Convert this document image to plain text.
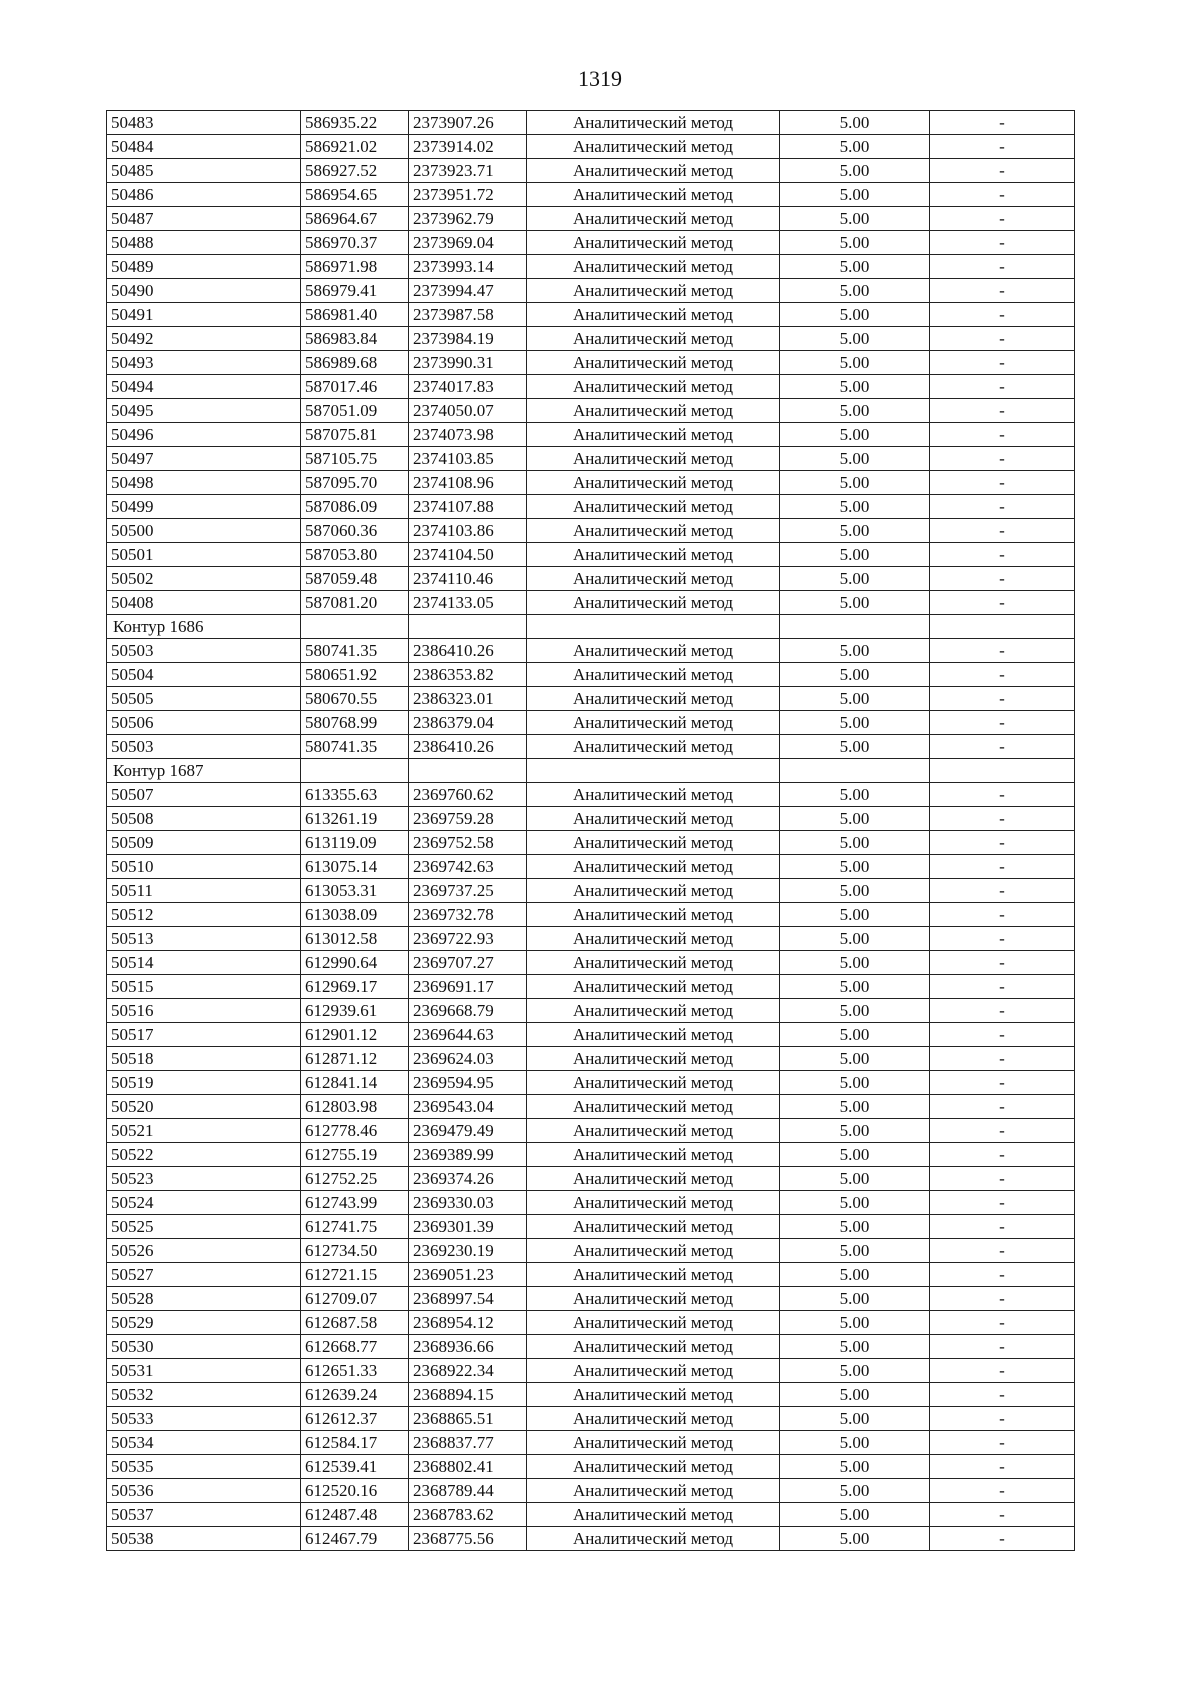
1319
50483	586935.22	2373907.26	Аналитический метод	5.00	-
50484	586921.02	2373914.02	Аналитический метод	5.00	-
50485	586927.52	2373923.71	Аналитический метод	5.00	-
50486	586954.65	2373951.72	Аналитический метод	5.00	-
50487	586964.67	2373962.79	Аналитический метод	5.00	-
50488	586970.37	2373969.04	Аналитический метод	5.00	-
50489	586971.98	2373993.14	Аналитический метод	5.00	-
50490	586979.41	2373994.47	Аналитический метод	5.00	-
50491	586981.40	2373987.58	Аналитический метод	5.00	-
50492	586983.84	2373984.19	Аналитический метод	5.00	-
50493	586989.68	2373990.31	Аналитический метод	5.00	-
50494	587017.46	2374017.83	Аналитический метод	5.00	-
50495	587051.09	2374050.07	Аналитический метод	5.00	-
50496	587075.81	2374073.98	Аналитический метод	5.00	-
50497	587105.75	2374103.85	Аналитический метод	5.00	-
50498	587095.70	2374108.96	Аналитический метод	5.00	-
50499	587086.09	2374107.88	Аналитический метод	5.00	-
50500	587060.36	2374103.86	Аналитический метод	5.00	-
50501	587053.80	2374104.50	Аналитический метод	5.00	-
50502	587059.48	2374110.46	Аналитический метод	5.00	-
50408	587081.20	2374133.05	Аналитический метод	5.00	-
Контур 1686					
50503	580741.35	2386410.26	Аналитический метод	5.00	-
50504	580651.92	2386353.82	Аналитический метод	5.00	-
50505	580670.55	2386323.01	Аналитический метод	5.00	-
50506	580768.99	2386379.04	Аналитический метод	5.00	-
50503	580741.35	2386410.26	Аналитический метод	5.00	-
Контур 1687					
50507	613355.63	2369760.62	Аналитический метод	5.00	-
50508	613261.19	2369759.28	Аналитический метод	5.00	-
50509	613119.09	2369752.58	Аналитический метод	5.00	-
50510	613075.14	2369742.63	Аналитический метод	5.00	-
50511	613053.31	2369737.25	Аналитический метод	5.00	-
50512	613038.09	2369732.78	Аналитический метод	5.00	-
50513	613012.58	2369722.93	Аналитический метод	5.00	-
50514	612990.64	2369707.27	Аналитический метод	5.00	-
50515	612969.17	2369691.17	Аналитический метод	5.00	-
50516	612939.61	2369668.79	Аналитический метод	5.00	-
50517	612901.12	2369644.63	Аналитический метод	5.00	-
50518	612871.12	2369624.03	Аналитический метод	5.00	-
50519	612841.14	2369594.95	Аналитический метод	5.00	-
50520	612803.98	2369543.04	Аналитический метод	5.00	-
50521	612778.46	2369479.49	Аналитический метод	5.00	-
50522	612755.19	2369389.99	Аналитический метод	5.00	-
50523	612752.25	2369374.26	Аналитический метод	5.00	-
50524	612743.99	2369330.03	Аналитический метод	5.00	-
50525	612741.75	2369301.39	Аналитический метод	5.00	-
50526	612734.50	2369230.19	Аналитический метод	5.00	-
50527	612721.15	2369051.23	Аналитический метод	5.00	-
50528	612709.07	2368997.54	Аналитический метод	5.00	-
50529	612687.58	2368954.12	Аналитический метод	5.00	-
50530	612668.77	2368936.66	Аналитический метод	5.00	-
50531	612651.33	2368922.34	Аналитический метод	5.00	-
50532	612639.24	2368894.15	Аналитический метод	5.00	-
50533	612612.37	2368865.51	Аналитический метод	5.00	-
50534	612584.17	2368837.77	Аналитический метод	5.00	-
50535	612539.41	2368802.41	Аналитический метод	5.00	-
50536	612520.16	2368789.44	Аналитический метод	5.00	-
50537	612487.48	2368783.62	Аналитический метод	5.00	-
50538	612467.79	2368775.56	Аналитический метод	5.00	-
